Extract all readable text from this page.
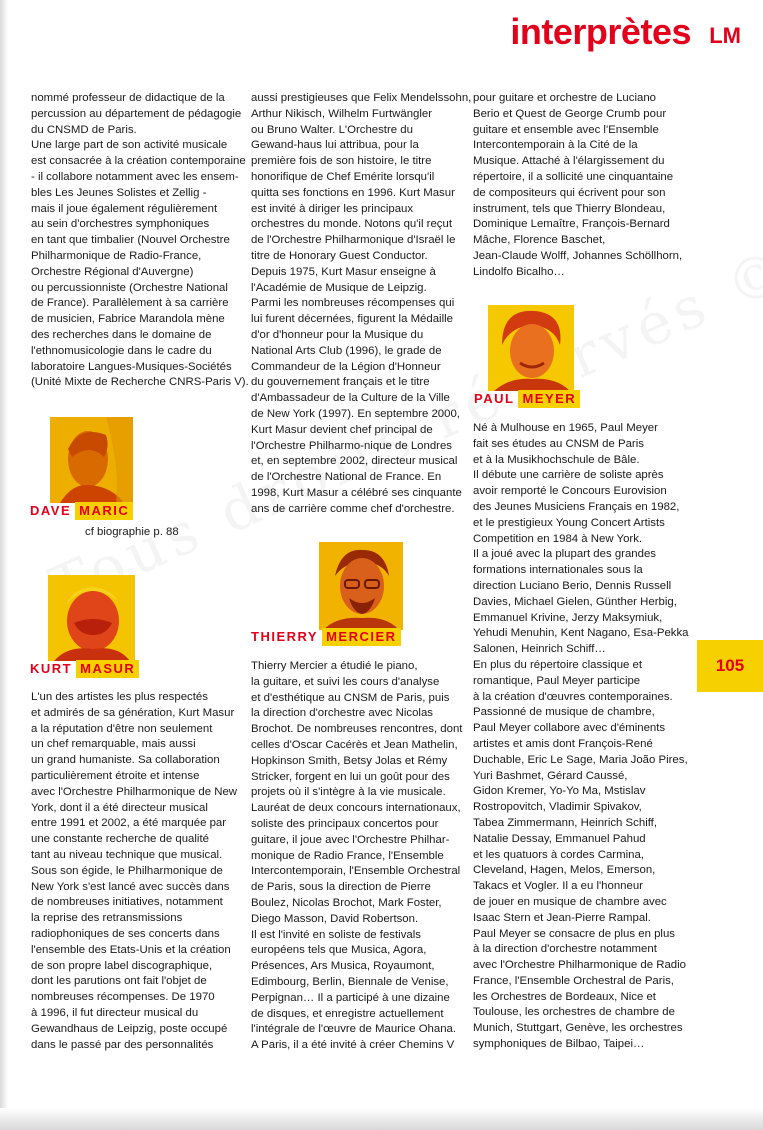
interprètes LM
105

nommé professeur de didactique de la
percussion au département de pédagogie
du CNSMD de Paris.
Une large part de son activité musicale
est consacrée à la création contemporaine
- il collabore notamment avec les ensem-
bles Les Jeunes Solistes et Zellig -
mais il joue également régulièrement
au sein d'orchestres symphoniques
en tant que timbalier (Nouvel Orchestre
Philharmonique de Radio-France,
Orchestre Régional d'Auvergne)
ou percussionniste (Orchestre National
de France). Parallèlement à sa carrière
de musicien, Fabrice Marandola mène
des recherches dans le domaine de
l'ethnomusicologie dans le cadre du
laboratoire Langues-Musiques-Sociétés
(Unité Mixte de Recherche CNRS-Paris V).

DAVE MARIC
cf biographie p. 88
KURT MASUR

L'un des artistes les plus respectés
et admirés de sa génération, Kurt Masur
a la réputation d'être non seulement
un chef remarquable, mais aussi
un grand humaniste. Sa collaboration
particulièrement étroite et intense
avec l'Orchestre Philharmonique de New
York, dont il a été directeur musical
entre 1991 et 2002, a été marquée par
une constante recherche de qualité
tant au niveau technique que musical.
Sous son égide, le Philharmonique de
New York s'est lancé avec succès dans
de nombreuses initiatives, notamment
la reprise des retransmissions
radiophoniques de ses concerts dans
l'ensemble des Etats-Unis et la création
de son propre label discographique,
dont les parutions ont fait l'objet de
nombreuses récompenses. De 1970
à 1996, il fut directeur musical du
Gewandhaus de Leipzig, poste occupé
dans le passé par des personnalités

aussi prestigieuses que Felix Mendelssohn,
Arthur Nikisch, Wilhelm Furtwängler
ou Bruno Walter. L'Orchestre du
Gewand-haus lui attribua, pour la
première fois de son histoire, le titre
honorifique de Chef Emérite lorsqu'il
quitta ses fonctions en 1996. Kurt Masur
est invité à diriger les principaux
orchestres du monde. Notons qu'il reçut
de l'Orchestre Philharmonique d'Israël le
titre de Honorary Guest Conductor.
Depuis 1975, Kurt Masur enseigne à
l'Académie de Musique de Leipzig.
Parmi les nombreuses récompenses qui
lui furent décernées, figurent la Médaille
d'or d'honneur pour la Musique du
National Arts Club (1996), le grade de
Commandeur de la Légion d'Honneur
du gouvernement français et le titre
d'Ambassadeur de la Culture de la Ville
de New York (1997). En septembre 2000,
Kurt Masur devient chef principal de
l'Orchestre Philharmo-nique de Londres
et, en septembre 2002, directeur musical
de l'Orchestre National de France. En
1998, Kurt Masur a célébré ses cinquante
ans de carrière comme chef d'orchestre.

THIERRY MERCIER

Thierry Mercier a étudié le piano,
la guitare, et suivi les cours d'analyse
et d'esthétique au CNSM de Paris, puis
la direction d'orchestre avec Nicolas
Brochot. De nombreuses rencontres, dont
celles d'Oscar Cacérès et Jean Mathelin,
Hopkinson Smith, Betsy Jolas et Rémy
Stricker, forgent en lui un goût pour des
projets où il s'intègre à la vie musicale.
Lauréat de deux concours internationaux,
soliste des principaux concertos pour
guitare, il joue avec l'Orchestre Philhar-
monique de Radio France, l'Ensemble
Intercontemporain, l'Ensemble Orchestral
de Paris, sous la direction de Pierre
Boulez, Nicolas Brochot, Mark Foster,
Diego Masson, David Robertson.
Il est l'invité en soliste de festivals
européens tels que Musica, Agora,
Présences, Ars Musica, Royaumont,
Edimbourg, Berlin, Biennale de Venise,
Perpignan… Il a participé à une dizaine
de disques, et enregistre actuellement
l'intégrale de l'œuvre de Maurice Ohana.
A Paris, il a été invité à créer Chemins V

pour guitare et orchestre de Luciano
Berio et Quest de George Crumb pour
guitare et ensemble avec l'Ensemble
Intercontemporain à la Cité de la
Musique. Attaché à l'élargissement du
répertoire, il a sollicité une cinquantaine
de compositeurs qui écrivent pour son
instrument, tels que Thierry Blondeau,
Dominique Lemaître, François-Bernard
Mâche, Florence Baschet,
Jean-Claude Wolff, Johannes Schöllhorn,
Lindolfo Bicalho…

PAUL MEYER

Né à Mulhouse en 1965, Paul Meyer
fait ses études au CNSM de Paris
et à la Musikhochschule de Bâle.
Il débute une carrière de soliste après
avoir remporté le Concours Eurovision
des Jeunes Musiciens Français en 1982,
et le prestigieux Young Concert Artists
Competition en 1984 à New York.
Il a joué avec la plupart des grandes
formations internationales sous la
direction Luciano Berio, Dennis Russell
Davies, Michael Gielen, Günther Herbig,
Emmanuel Krivine, Jerzy Maksymiuk,
Yehudi Menuhin, Kent Nagano, Esa-Pekka
Salonen, Heinrich Schiff…
En plus du répertoire classique et
romantique, Paul Meyer participe
à la création d'œuvres contemporaines.
Passionné de musique de chambre,
Paul Meyer collabore avec d'éminents
artistes et amis dont François-René
Duchable, Eric Le Sage, Maria João Pires,
Yuri Bashmet, Gérard Caussé,
Gidon Kremer, Yo-Yo Ma, Mstislav
Rostropovitch, Vladimir Spivakov,
Tabea Zimmermann, Heinrich Schiff,
Natalie Dessay, Emmanuel Pahud
et les quatuors à cordes Carmina,
Cleveland, Hagen, Melos, Emerson,
Takacs et Vogler. Il a eu l'honneur
de jouer en musique de chambre avec
Isaac Stern et Jean-Pierre Rampal.
Paul Meyer se consacre de plus en plus
à la direction d'orchestre notamment
avec l'Orchestre Philharmonique de Radio
France, l'Ensemble Orchestral de Paris,
les Orchestres de Bordeaux, Nice et
Toulouse, les orchestres de chambre de
Munich, Stuttgart, Genève, les orchestres
symphoniques de Bilbao, Taipei…
